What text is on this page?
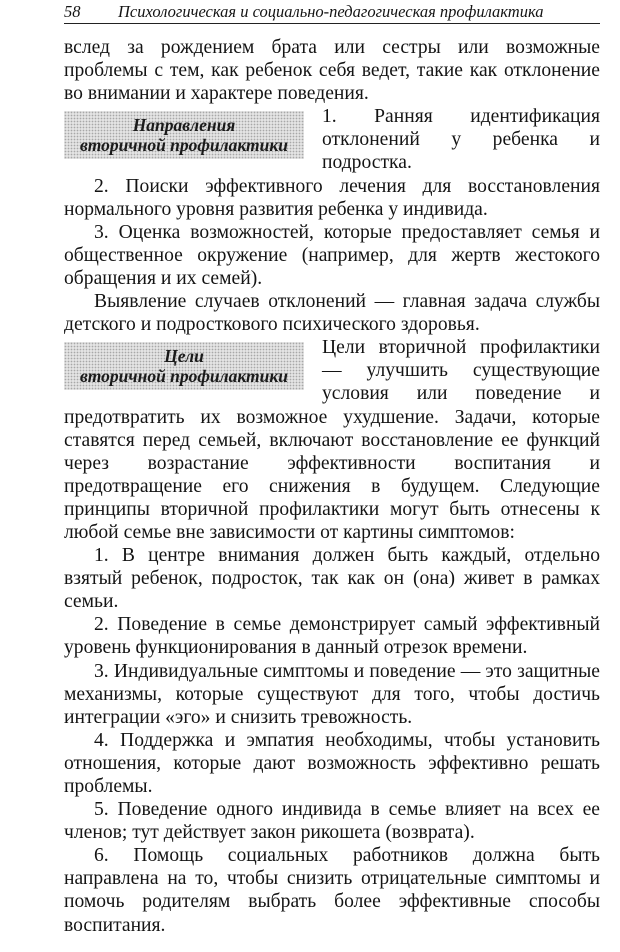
58 Психологическая и социально-педагогическая профилактика

вслед за рождением брата или сестры или возможные проблемы с тем, как ребенок себя ведет, такие как отклонение во внимании и характере поведения.

Направления
вторичной профилактики

1. Ранняя идентификация отклонений у ребенка и подростка.

2. Поиски эффективного лечения для восстановления нормального уровня развития ребенка у индивида.

3. Оценка возможностей, которые предоставляет семья и общественное окружение (например, для жертв жестокого обращения и их семей).

Выявление случаев отклонений — главная задача службы детского и подросткового психического здоровья.

Цели
вторичной профилактики

Цели вторичной профилактики — улучшить существующие условия или поведение и предотвратить их возможное ухудшение. Задачи, которые ставятся перед семьей, включают восстановление ее функций через возрастание эффективности воспитания и предотвращение его снижения в будущем. Следующие принципы вторичной профилактики могут быть отнесены к любой семье вне зависимости от картины симптомов:

1. В центре внимания должен быть каждый, отдельно взятый ребенок, подросток, так как он (она) живет в рамках семьи.

2. Поведение в семье демонстрирует самый эффективный уровень функционирования в данный отрезок времени.

3. Индивидуальные симптомы и поведение — это защитные механизмы, которые существуют для того, чтобы достичь интеграции «эго» и снизить тревожность.

4. Поддержка и эмпатия необходимы, чтобы установить отношения, которые дают возможность эффективно решать проблемы.

5. Поведение одного индивида в семье влияет на всех ее членов; тут действует закон рикошета (возврата).

6. Помощь социальных работников должна быть направлена на то, чтобы снизить отрицательные симптомы и помочь родителям выбрать более эффективные способы воспитания.
